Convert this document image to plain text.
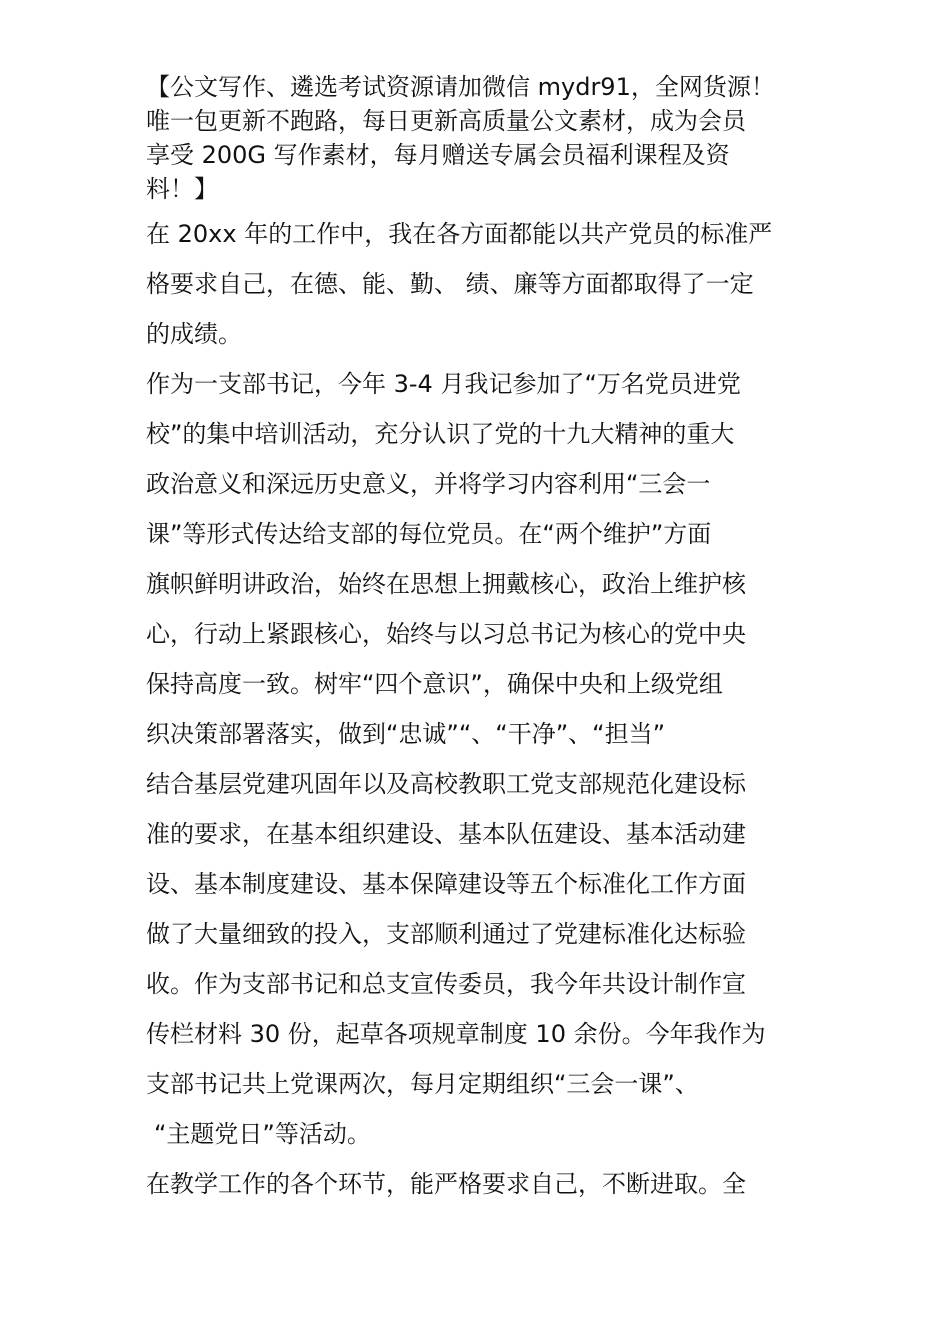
【公文写作、遴选考试资源请加微信 mydr91，全网货源！
唯一包更新不跑路，每日更新高质量公文素材，成为会员
享受 200G 写作素材，每月赠送专属会员福利课程及资
料！】
在 20xx 年的工作中，我在各方面都能以共产党员的标准严
格要求自己，在德、能、勤、 绩、廉等方面都取得了一定
的成绩。
作为一支部书记，今年 3-4 月我记参加了“万名党员进党
校”的集中培训活动，充分认识了党的十九大精神的重大
政治意义和深远历史意义，并将学习内容利用“三会一
课”等形式传达给支部的每位党员。在“两个维护”方面
旗帜鲜明讲政治，始终在思想上拥戴核心，政治上维护核
心，行动上紧跟核心，始终与以习总书记为核心的党中央
保持高度一致。树牢“四个意识”，确保中央和上级党组
织决策部署落实，做到“忠诚”“、“干净”、“担当”
结合基层党建巩固年以及高校教职工党支部规范化建设标
准的要求，在基本组织建设、基本队伍建设、基本活动建
设、基本制度建设、基本保障建设等五个标准化工作方面
做了大量细致的投入，支部顺利通过了党建标准化达标验
收。作为支部书记和总支宣传委员，我今年共设计制作宣
传栏材料 30 份，起草各项规章制度 10 余份。今年我作为
支部书记共上党课两次，每月定期组织“三会一课”、
“主题党日”等活动。
在教学工作的各个环节，能严格要求自己，不断进取。全
